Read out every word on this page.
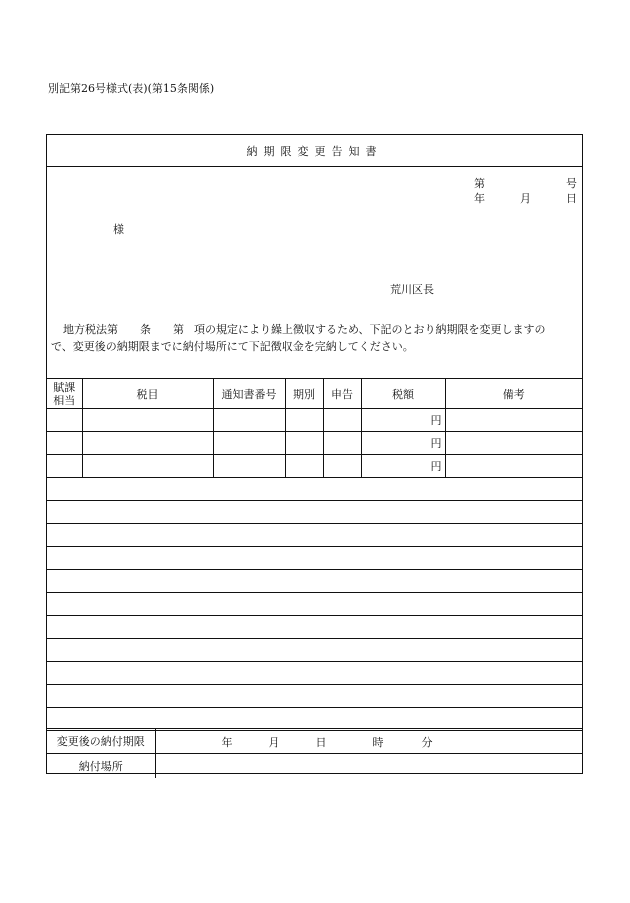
別記第26号様式(表)(第15条関係)
納期限変更告知書
第	号
年	月	日
様
荒川区長
地方税法第 条 第 項の規定により繰上徴収するため、下記のとおり納期限を変更しますの
で、変更後の納期限までに納付場所にて下記徴収金を完納してください。
賦課
相当	税目	通知書番号	期別	申告	税額	備考
					円	
					円	
					円	

変更後の納付期限	年 月 日 時 分

納付場所	
